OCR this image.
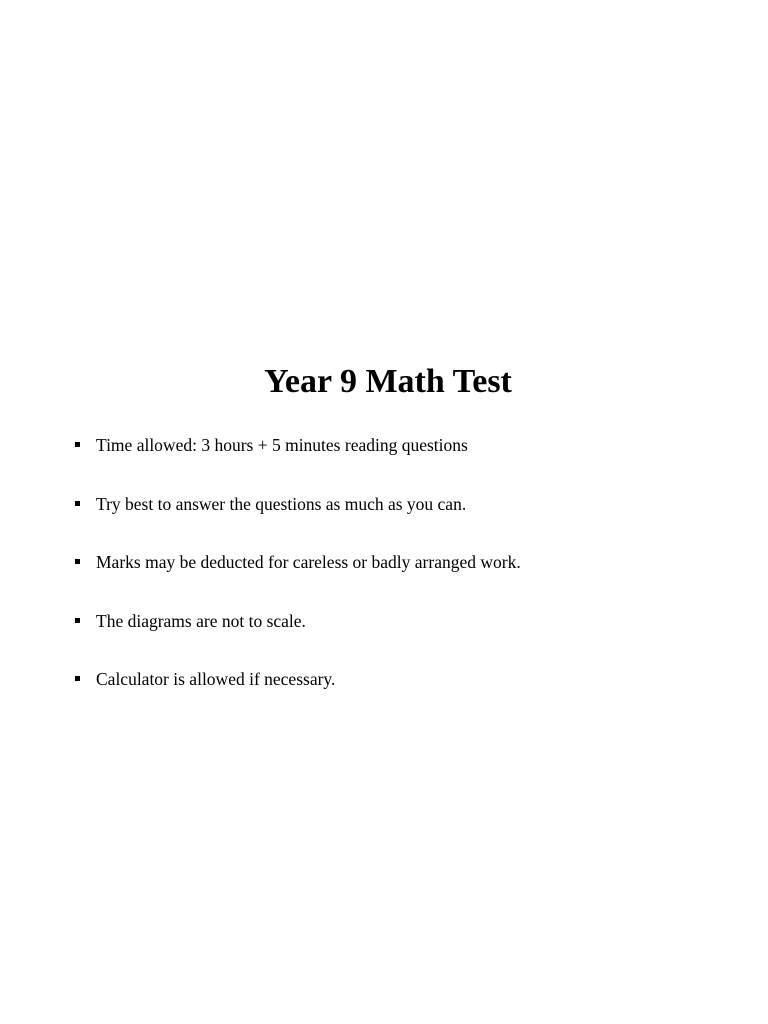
Year 9 Math Test
Time allowed: 3 hours + 5 minutes reading questions
Try best to answer the questions as much as you can.
Marks may be deducted for careless or badly arranged work.
The diagrams are not to scale.
Calculator is allowed if necessary.
